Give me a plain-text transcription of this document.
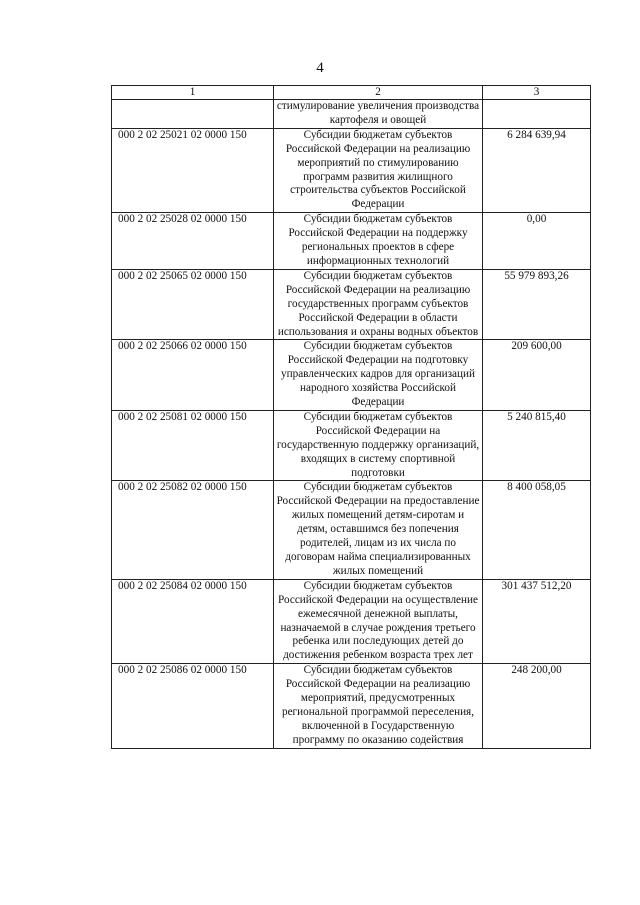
4
1	2	3
	стимулирование увеличения производства картофеля и овощей	
000 2 02 25021 02 0000 150	Субсидии бюджетам субъектов Российской Федерации на реализацию мероприятий по стимулированию программ развития жилищного строительства субъектов Российской Федерации	6 284 639,94
000 2 02 25028 02 0000 150	Субсидии бюджетам субъектов Российской Федерации на поддержку региональных проектов в сфере информационных технологий	0,00
000 2 02 25065 02 0000 150	Субсидии бюджетам субъектов Российской Федерации на реализацию государственных программ субъектов Российской Федерации в области использования и охраны водных объектов	55 979 893,26
000 2 02 25066 02 0000 150	Субсидии бюджетам субъектов Российской Федерации на подготовку управленческих кадров для организаций народного хозяйства Российской Федерации	209 600,00
000 2 02 25081 02 0000 150	Субсидии бюджетам субъектов Российской Федерации на государственную поддержку организаций, входящих в систему спортивной подготовки	5 240 815,40
000 2 02 25082 02 0000 150	Субсидии бюджетам субъектов Российской Федерации на предоставление жилых помещений детям-сиротам и детям, оставшимся без попечения родителей, лицам из их числа по договорам найма специализированных жилых помещений	8 400 058,05
000 2 02 25084 02 0000 150	Субсидии бюджетам субъектов Российской Федерации на осуществление ежемесячной денежной выплаты, назначаемой в случае рождения третьего ребенка или последующих детей до достижения ребенком возраста трех лет	301 437 512,20
000 2 02 25086 02 0000 150	Субсидии бюджетам субъектов Российской Федерации на реализацию мероприятий, предусмотренных региональной программой переселения, включенной в Государственную программу по оказанию содействия	248 200,00
